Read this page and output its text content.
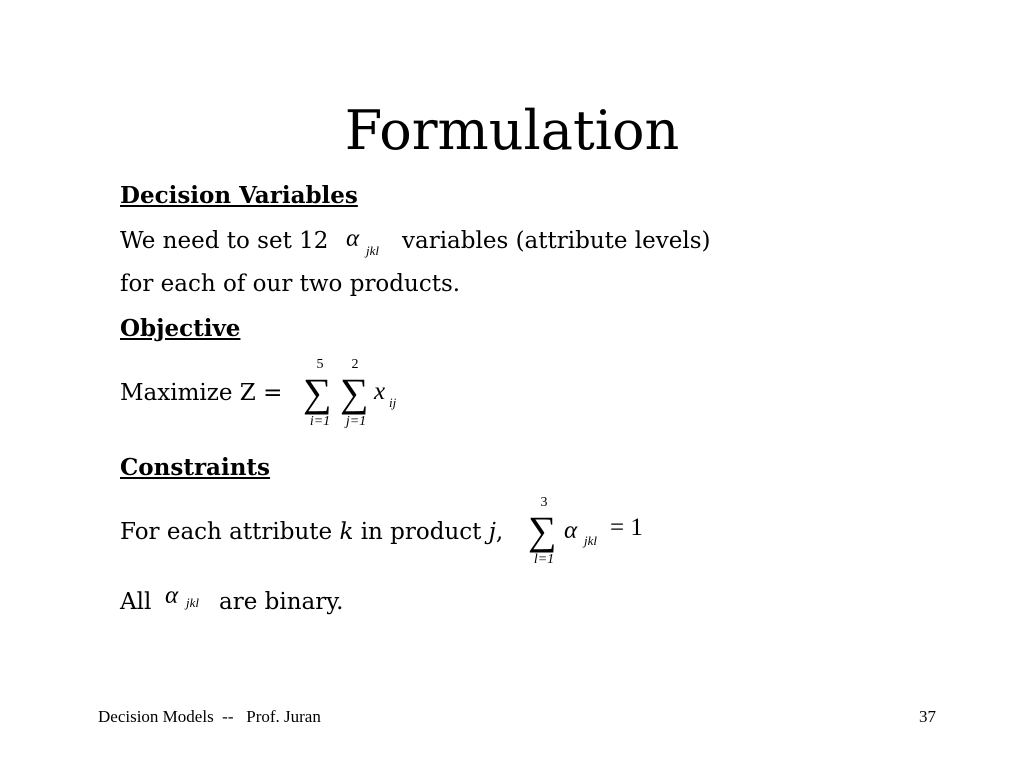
Formulation
Decision Variables
We need to set 12 α jkl variables (attribute levels)
for each of our two products.
Objective
Maximize Z =
5
∑
i=1
2
∑
j=1
x ij
Constraints
For each attribute k in product j,
3
∑
l=1
α jkl = 1
All α jkl are binary.
Decision Models  --   Prof. Juran	37
